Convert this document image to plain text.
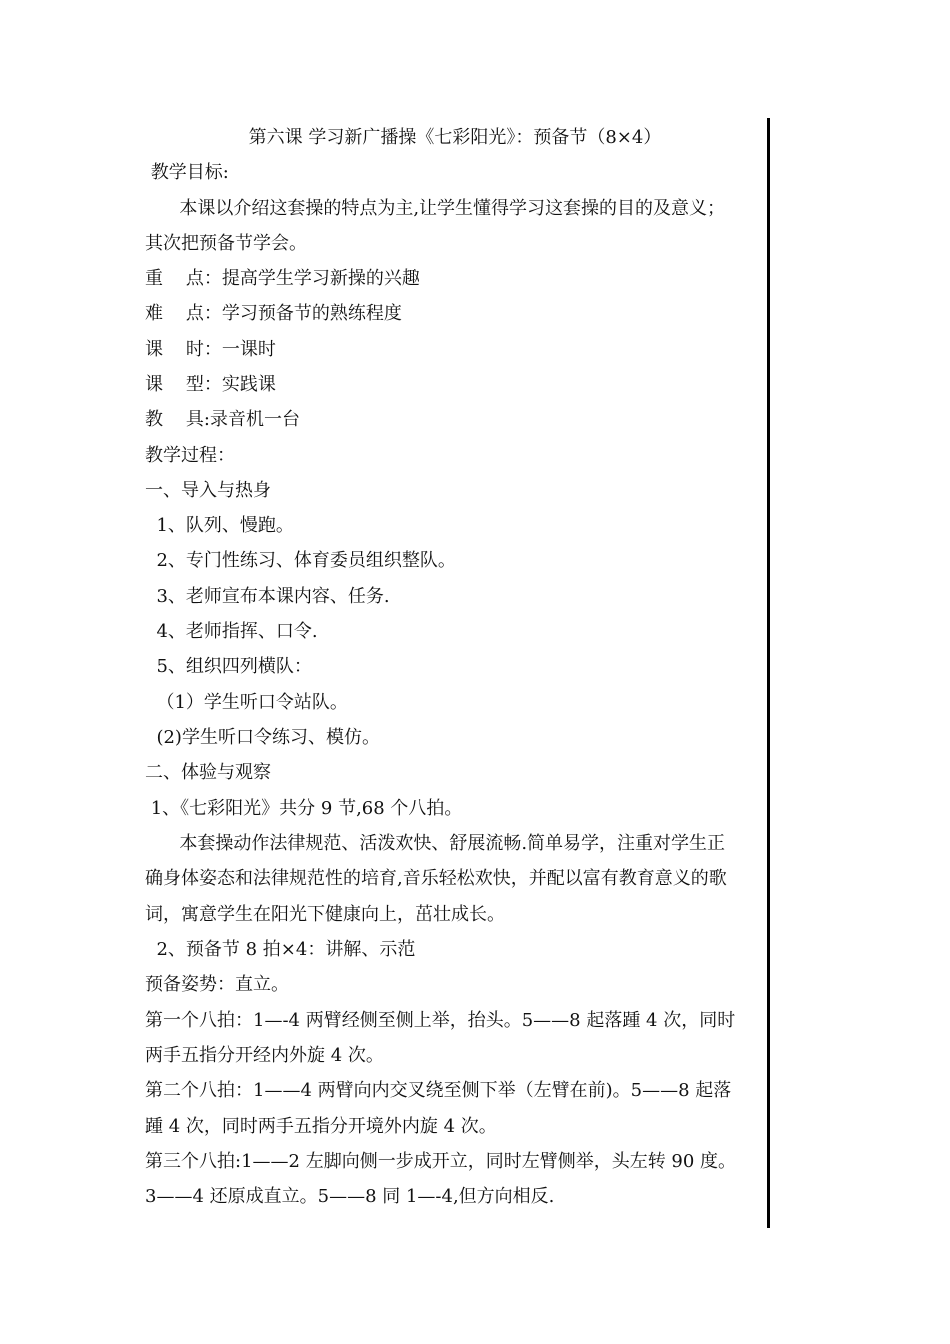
第六课 学习新广播操《七彩阳光》：预备节（8×4）
教学目标:
本课以介绍这套操的特点为主,让学生懂得学习这套操的目的及意义；
其次把预备节学会。
重    点：提高学生学习新操的兴趣
难    点：学习预备节的熟练程度
课    时：一课时
课    型：实践课
教    具:录音机一台
教学过程：
一、导入与热身
1、队列、慢跑。
2、专门性练习、体育委员组织整队。
3、老师宣布本课内容、任务.
4、老师指挥、口令.
5、组织四列横队：
（1）学生听口令站队。
(2)学生听口令练习、模仿。
二、体验与观察
1、《七彩阳光》共分 9 节,68 个八拍。
本套操动作法律规范、活泼欢快、舒展流畅.简单易学，注重对学生正
确身体姿态和法律规范性的培育,音乐轻松欢快，并配以富有教育意义的歌
词，寓意学生在阳光下健康向上，茁壮成长。
2、预备节 8 拍×4：讲解、示范
预备姿势：直立。
第一个八拍：1—-4 两臂经侧至侧上举，抬头。5——8 起落踵 4 次，同时
两手五指分开经内外旋 4 次。
第二个八拍：1——4 两臂向内交叉绕至侧下举（左臂在前)。5——8 起落
踵 4 次，同时两手五指分开境外内旋 4 次。
第三个八拍:1——2 左脚向侧一步成开立，同时左臂侧举，头左转 90 度。
3——4 还原成直立。5——8 同 1—-4,但方向相反.
